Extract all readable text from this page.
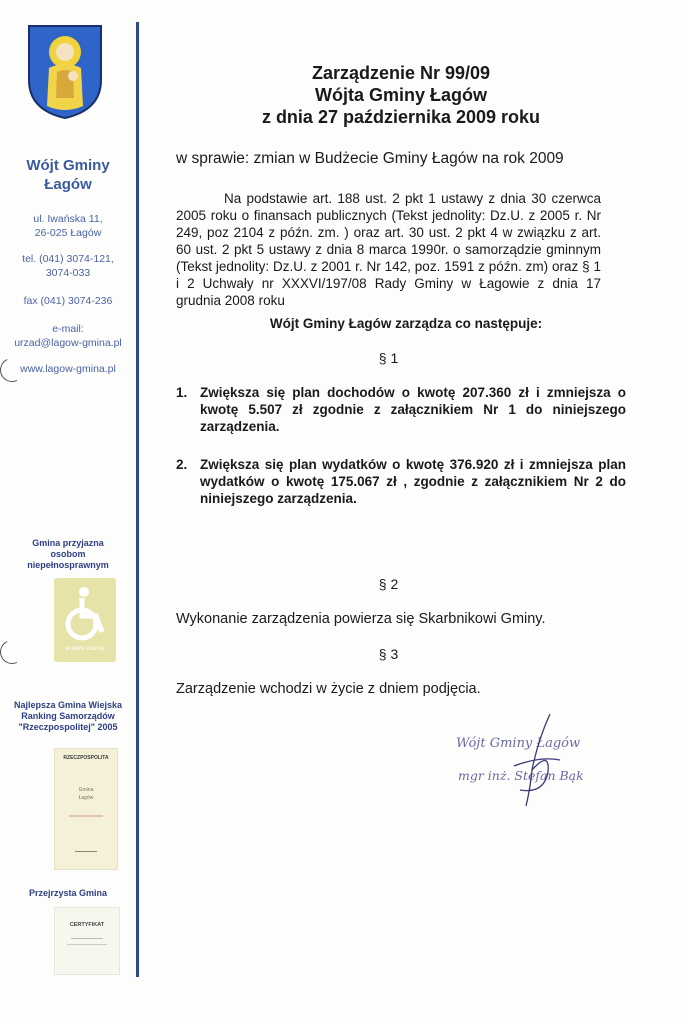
Wójt Gminy
Łagów
ul. Iwańska 11,
26-025 Łagów
tel. (041) 3074-121,
3074-033
fax (041) 3074-236
e-mail:
urzad@lagow-gmina.pl
www.lagow-gmina.pl
Gmina przyjazna
osobom
niepełnosprawnym
w pełni szansę
Najlepsza Gmina Wiejska
Ranking Samorządów
"Rzeczpospolitej" 2005
RZECZPOSPOLITA
Gmina
Łagów
Przejrzysta Gmina
CERTYFIKAT
Zarządzenie Nr 99/09
Wójta Gminy Łagów
z dnia 27 października 2009 roku
w sprawie: zmian w Budżecie Gminy Łagów na rok 2009
Na podstawie art. 188 ust. 2 pkt 1 ustawy z dnia 30 czerwca 2005 roku o finansach publicznych (Tekst jednolity: Dz.U. z 2005 r. Nr 249, poz 2104 z późn. zm. ) oraz art. 30 ust. 2 pkt 4 w związku z art. 60 ust. 2 pkt 5 ustawy z dnia 8 marca 1990r. o samorządzie gminnym (Tekst jednolity: Dz.U. z 2001 r. Nr 142, poz. 1591 z późn. zm) oraz § 1 i 2 Uchwały nr XXXVI/197/08 Rady Gminy w Łagowie z dnia 17 grudnia 2008 roku
Wójt Gminy Łagów zarządza co następuje:
§ 1
1. Zwiększa się plan dochodów o kwotę 207.360 zł i zmniejsza o kwotę 5.507 zł zgodnie z załącznikiem Nr 1 do niniejszego zarządzenia.
2. Zwiększa się plan wydatków o kwotę 376.920 zł i zmniejsza plan wydatków o kwotę 175.067 zł , zgodnie z załącznikiem Nr 2 do niniejszego zarządzenia.
§ 2
Wykonanie zarządzenia powierza się Skarbnikowi Gminy.
§ 3
Zarządzenie wchodzi w życie z dniem podjęcia.
Wójt Gminy Łagów
mgr inż. Stefan Bąk
